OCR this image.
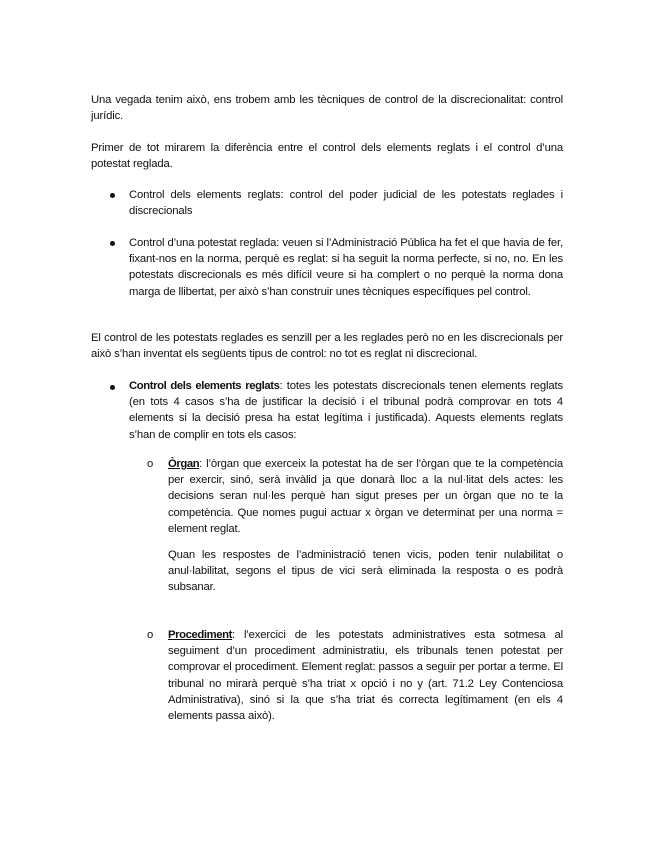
Una vegada tenim això, ens trobem amb les tècniques de control de la discrecionalitat: control jurídic.

Primer de tot mirarem la diferència entre el control dels elements reglats i el control d’una potestat reglada.

Control dels elements reglats: control del poder judicial de les potestats reglades i discrecionals

Control d’una potestat reglada: veuen si l’Administració Pública ha fet el que havia de fer, fixant-nos en la norma, perquè es reglat: si ha seguit la norma perfecte, si no, no. En les potestats discrecionals es més difícil veure si ha complert o no perquè la norma dona marga de llibertat, per això s’han construir unes tècniques específiques pel control.

El control de les potestats reglades es senzill per a les reglades però no en les discrecionals per això s’han inventat els següents tipus de control: no tot es reglat ni discrecional.

Control dels elements reglats: totes les potestats discrecionals tenen elements reglats (en tots 4 casos s’ha de justificar la decisió i el tribunal podrà comprovar en tots 4 elements si la decisió presa ha estat legítima i justificada). Aquests elements reglats s’han de complir en tots els casos:

o Òrgan: l’òrgan que exerceix la potestat ha de ser l’òrgan que te la competència per exercir, sinó, serà invàlid ja que donarà lloc a la nul·litat dels actes: les decisions seran nul·les perquè han sigut preses per un òrgan que no te la competència. Que nomes pugui actuar x òrgan ve determinat per una norma = element reglat.

Quan les respostes de l’administració tenen vicis, poden tenir nulabilitat o anul·labilitat, segons el tipus de vici serà eliminada la resposta o es podrà subsanar.

o Procediment: l’exercici de les potestats administratives esta sotmesa al seguiment d’un procediment administratiu, els tribunals tenen potestat per comprovar el procediment. Element reglat: passos a seguir per portar a terme. El tribunal no mirarà perquè s’ha triat x opció i no y (art. 71.2 Ley Contenciosa Administrativa), sinó si la que s’ha triat és correcta legítimament (en els 4 elements passa això).
